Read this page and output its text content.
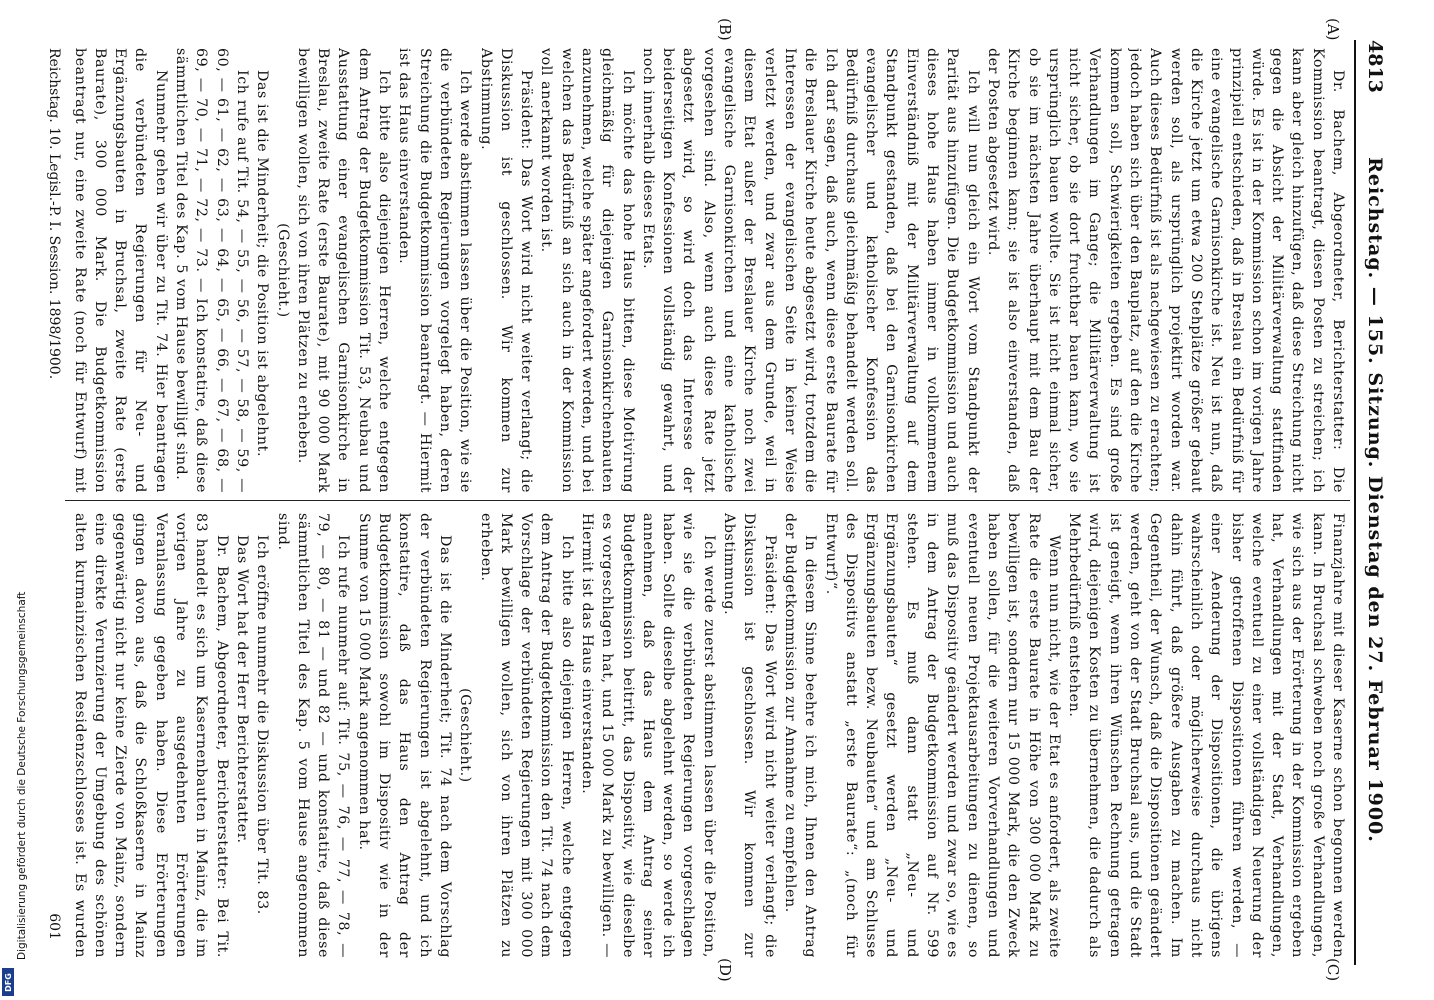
4813
Reichstag. — 155. Sitzung. Dienstag den 27. Februar 1900.
(A)
(B)
(C)
(D)

Dr. Bachem, Abgeordneter, Berichterstatter: Die Kommission beantragt, diesen Posten zu streichen; ich kann aber gleich hinzufügen, daß diese Streichung nicht gegen die Absicht der Militärverwaltung stattfinden würde. Es ist in der Kommission schon im vorigen Jahre prinzipiell entschieden, daß in Breslau ein Bedürfniß für eine evangelische Garnisonkirche ist. Neu ist nun, daß die Kirche jetzt um etwa 200 Stehplätze größer gebaut werden soll, als ursprünglich projektirt worden war. Auch dieses Bedürfniß ist als nachgewiesen zu erachten; jedoch haben sich über den Bauplatz, auf den die Kirche kommen soll, Schwierigkeiten ergeben. Es sind große Verhandlungen im Gange; die Militärverwaltung ist nicht sicher, ob sie dort fruchtbar bauen kann, wo sie ursprünglich bauen wollte. Sie ist nicht einmal sicher, ob sie im nächsten Jahre überhaupt mit dem Bau der Kirche beginnen kann; sie ist also einverstanden, daß der Posten abgesetzt wird.

Ich will nun gleich ein Wort vom Standpunkt der Parität aus hinzufügen. Die Budgetkommission und auch dieses hohe Haus haben immer in vollkommenem Einverständniß mit der Militärverwaltung auf dem Standpunkt gestanden, daß bei den Garnisonkirchen evangelischer und katholischer Konfession das Bedürfniß durchaus gleichmäßig behandelt werden soll. Ich darf sagen, daß auch, wenn diese erste Baurate für die Breslauer Kirche heute abgesetzt wird, trotzdem die Interessen der evangelischen Seite in keiner Weise verletzt werden, und zwar aus dem Grunde, weil in diesem Etat außer der Breslauer Kirche noch zwei evangelische Garnisonkirchen und eine katholische vorgesehen sind. Also, wenn auch diese Rate jetzt abgesetzt wird, so wird doch das Interesse der beiderseitigen Konfessionen vollständig gewahrt, und noch innerhalb dieses Etats.

Ich möchte das hohe Haus bitten, diese Motivirung gleichmäßig für diejenigen Garnisonkirchenbauten anzunehmen, welche später angefordert werden, und bei welchen das Bedürfniß an sich auch in der Kommission voll anerkannt worden ist.

Präsident: Das Wort wird nicht weiter verlangt; die Diskussion ist geschlossen. Wir kommen zur Abstimmung.

Ich werde abstimmen lassen über die Position, wie sie die verbündeten Regierungen vorgelegt haben, deren Streichung die Budgetkommission beantragt. — Hiermit ist das Haus einverstanden.

Ich bitte also diejenigen Herren, welche entgegen dem Antrag der Budgetkommission Tit. 53, Neubau und Ausstattung einer evangelischen Garnisonkirche in Breslau, zweite Rate (erste Baurate), mit 90 000 Mark bewilligen wollen, sich von ihren Plätzen zu erheben.

(Geschieht.)

Das ist die Minderheit; die Position ist abgelehnt.

Ich rufe auf Tit. 54, — 55, — 56, — 57, — 58, — 59, — 60, — 61, — 62, — 63, — 64, — 65, — 66, — 67, — 68, — 69, — 70, — 71, — 72, — 73. — Ich konstatire, daß diese sämmtlichen Titel des Kap. 5 vom Hause bewilligt sind.

Nunmehr gehen wir über zu Tit. 74. Hier beantragen die verbündeten Regierungen für Neu- und Ergänzungsbauten in Bruchsal, zweite Rate (erste Baurate), 300 000 Mark. Die Budgetkommission beantragt nur, eine zweite Rate (noch für Entwurf) mit

Finanzjahre mit dieser Kaserne schon begonnen werden kann. In Bruchsal schweben noch große Verhandlungen, wie sich aus der Erörterung in der Kommission ergeben hat, Verhandlungen mit der Stadt, Verhandlungen, welche eventuell zu einer vollständigen Neuerung der bisher getroffenen Dispositionen führen werden, — einer Aenderung der Dispositionen, die übrigens wahrscheinlich oder möglicherweise durchaus nicht dahin führt, daß größere Ausgaben zu machen. Im Gegentheil, der Wunsch, daß die Dispositionen geändert werden, geht von der Stadt Bruchsal aus, und die Stadt ist geneigt, wenn ihren Wünschen Rechnung getragen wird, diejenigen Kosten zu übernehmen, die dadurch als Mehrbedürfniß entstehen.

Wenn nun nicht, wie der Etat es anfordert, als zweite Rate die erste Baurate in Höhe von 300 000 Mark zu bewilligen ist, sondern nur 15 000 Mark, die den Zweck haben sollen, für die weiteren Vorverhandlungen und eventuell neuen Projektausarbeitungen zu dienen, so muß das Dispositiv geändert werden und zwar so, wie es in dem Antrag der Budgetkommission auf Nr. 599 stehen. Es muß dann statt „Neu- und Ergänzungsbauten“ gesetzt werden „Neu- und Ergänzungsbauten bezw. Neubauten“ und am Schlusse des Dispositivs anstatt „erste Baurate“: „(noch für Entwurf)“.

In diesem Sinne beehre ich mich, Ihnen den Antrag der Budgetkommission zur Annahme zu empfehlen.

Präsident: Das Wort wird nicht weiter verlangt; die Diskussion ist geschlossen. Wir kommen zur Abstimmung.

Ich werde zuerst abstimmen lassen über die Position, wie sie die verbündeten Regierungen vorgeschlagen haben. Sollte dieselbe abgelehnt werden, so werde ich annehmen, daß das Haus dem Antrag seiner Budgetkommission beitritt, das Dispositiv, wie dieselbe es vorgeschlagen hat, und 15 000 Mark zu bewilligen. — Hiermit ist das Haus einverstanden.

Ich bitte also diejenigen Herren, welche entgegen dem Antrag der Budgetkommission den Tit. 74 nach dem Vorschlage der verbündeten Regierungen mit 300 000 Mark bewilligen wollen, sich von ihren Plätzen zu erheben.

(Geschieht.)

Das ist die Minderheit; Tit. 74 nach dem Vorschlag der verbündeten Regierungen ist abgelehnt, und ich konstatire, daß das Haus den Antrag der Budgetkommission sowohl im Dispositiv wie in der Summe von 15 000 Mark angenommen hat.

Ich rufe nunmehr auf: Tit. 75, — 76, — 77, — 78, — 79, — 80, — 81 — und 82 — und konstatire, daß diese sämmtlichen Titel des Kap. 5 vom Hause angenommen sind.

Ich eröffne nunmehr die Diskussion über Tit. 83.

Das Wort hat der Herr Berichterstatter.

Dr. Bachem, Abgeordneter, Berichterstatter: Bei Tit. 83 handelt es sich um Kasernenbauten in Mainz, die im vorigen Jahre zu ausgedehnten Erörterungen Veranlassung gegeben haben. Diese Erörterungen gingen davon aus, daß die Schloßkaserne in Mainz gegenwärtig nicht nur keine Zierde von Mainz, sondern eine direkte Verunzierung der Umgebung des schönen alten kurmainzischen Residenzschlosses ist. Es wurden

Reichstag. 10. Legisl.-P. I. Session. 1898/1900.
601
Digitalisierung gefördert durch die Deutsche Forschungsgemeinschaft
DFG
